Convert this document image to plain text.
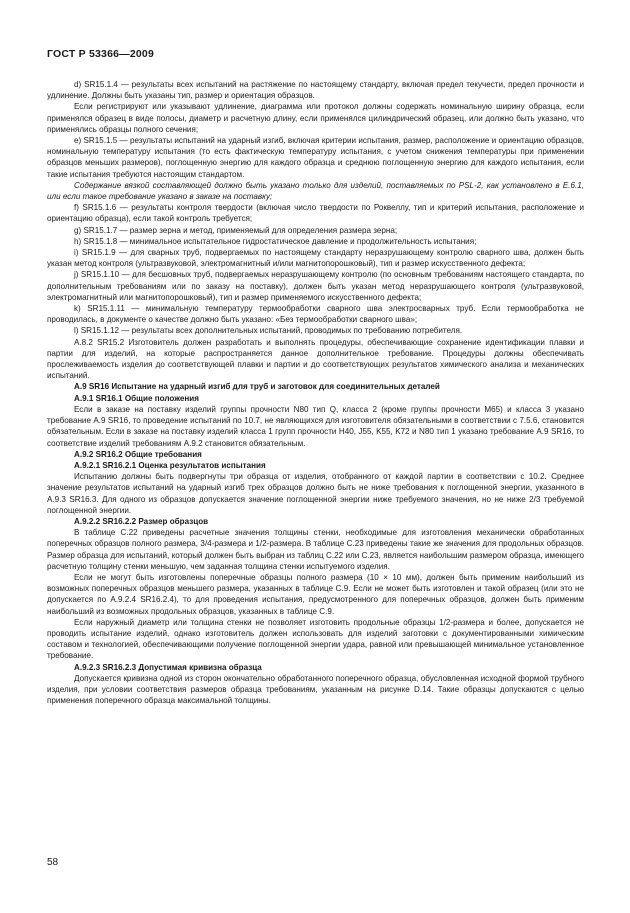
ГОСТ Р 53366—2009

d) SR15.1.4 — результаты всех испытаний на растяжение по настоящему стандарту, включая предел текучести, предел прочности и удлинение. Должны быть указаны тип, размер и ориентация образцов.

Если регистрируют или указывают удлинение, диаграмма или протокол должны содержать номинальную ширину образца, если применялся образец в виде полосы, диаметр и расчетную длину, если применялся цилиндрический образец, или должно быть указано, что применялись образцы полного сечения;

e) SR15.1.5 — результаты испытаний на ударный изгиб, включая критерии испытания, размер, расположение и ориентацию образцов, номинальную температуру испытания (то есть фактическую температуру испытания, с учетом снижения температуры при применении образцов меньших размеров), поглощенную энергию для каждого образца и среднюю поглощенную энергию для каждого испытания, если такие испытания требуются настоящим стандартом.

Содержание вязкой составляющей должно быть указано только для изделий, поставляемых по PSL-2, как установлено в Е.6.1, или если такое требование указано в заказе на поставку;

f) SR15.1.6 — результаты контроля твердости (включая число твердости по Роквеллу, тип и критерий испытания, расположение и ориентацию образца), если такой контроль требуется;

g) SR15.1.7 — размер зерна и метод, применяемый для определения размера зерна;

h) SR15.1.8 — минимальное испытательное гидростатическое давление и продолжительность испытания;

i) SR15.1.9 — для сварных труб, подвергаемых по настоящему стандарту неразрушающему контролю сварного шва, должен быть указан метод контроля (ультразвуковой, электромагнитный и/или магнитопорошковый), тип и размер искусственного дефекта;

j) SR15.1.10 — для бесшовных труб, подвергаемых неразрушающему контролю (по основным требованиям настоящего стандарта, по дополнительным требованиям или по заказу на поставку), должен быть указан метод неразрушающего контроля (ультразвуковой, электромагнитный или магнитопорошковый), тип и размер применяемого искусственного дефекта;

k) SR15.1.11 — минимальную температуру термообработки сварного шва электросварных труб. Если термообработка не проводилась, в документе о качестве должно быть указано: «Без термообработки сварного шва»;

l) SR15.1.12 — результаты всех дополнительных испытаний, проводимых по требованию потребителя.

A.8.2 SR15.2 Изготовитель должен разработать и выполнять процедуры, обеспечивающие сохранение идентификации плавки и партии для изделий, на которые распространяется данное дополнительное требование. Процедуры должны обеспечивать прослеживаемость изделия до соответствующей плавки и партии и до соответствующих результатов химического анализа и механических испытаний.

A.9 SR16 Испытание на ударный изгиб для труб и заготовок для соединительных деталей

A.9.1 SR16.1 Общие положения

Если в заказе на поставку изделий группы прочности N80 тип Q, класса 2 (кроме группы прочности М65) и класса 3 указано требование А.9 SR16, то проведение испытаний по 10.7, не являющихся для изготовителя обязательными в соответствии с 7.5.6, становится обязательным. Если в заказе на поставку изделий класса 1 групп прочности Н40, J55, K55, K72 и N80 тип 1 указано требование А.9 SR16, то соответствие изделий требованиям А.9.2 становится обязательным.

A.9.2 SR16.2 Общие требования

A.9.2.1 SR16.2.1 Оценка результатов испытания

Испытанию должны быть подвергнуты три образца от изделия, отобранного от каждой партии в соответствии с 10.2. Среднее значение результатов испытаний на ударный изгиб трех образцов должно быть не ниже требования к поглощенной энергии, указанного в А.9.3 SR16.3. Для одного из образцов допускается значение поглощенной энергии ниже требуемого значения, но не ниже 2/3 требуемой поглощенной энергии.

A.9.2.2 SR16.2.2 Размер образцов

В таблице С.22 приведены расчетные значения толщины стенки, необходимые для изготовления механически обработанных поперечных образцов полного размера, 3/4-размера и 1/2-размера. В таблице С.23 приведены такие же значения для продольных образцов. Размер образца для испытаний, который должен быть выбран из таблиц С.22 или С.23, является наибольшим размером образца, имеющего расчетную толщину стенки меньшую, чем заданная толщина стенки испытуемого изделия.

Если не могут быть изготовлены поперечные образцы полного размера (10 × 10 мм), должен быть применим наибольший из возможных поперечных образцов меньшего размера, указанных в таблице С.9. Если не может быть изготовлен и такой образец (или это не допускается по А.9.2.4 SR16.2.4), то для проведения испытания, предусмотренного для поперечных образцов, должен быть применим наибольший из возможных продольных образцов, указанных в таблице С.9.

Если наружный диаметр или толщина стенки не позволяет изготовить продольные образцы 1/2-размера и более, допускается не проводить испытание изделий, однако изготовитель должен использовать для изделий заготовки с документированными химическим составом и технологией, обеспечивающими получение поглощенной энергии удара, равной или превышающей минимальное установленное требование.

A.9.2.3 SR16.2.3 Допустимая кривизна образца

Допускается кривизна одной из сторон окончательно обработанного поперечного образца, обусловленная исходной формой трубного изделия, при условии соответствия размеров образца требованиям, указанным на рисунке D.14. Такие образцы допускаются с целью применения поперечного образца максимальной толщины.

58
